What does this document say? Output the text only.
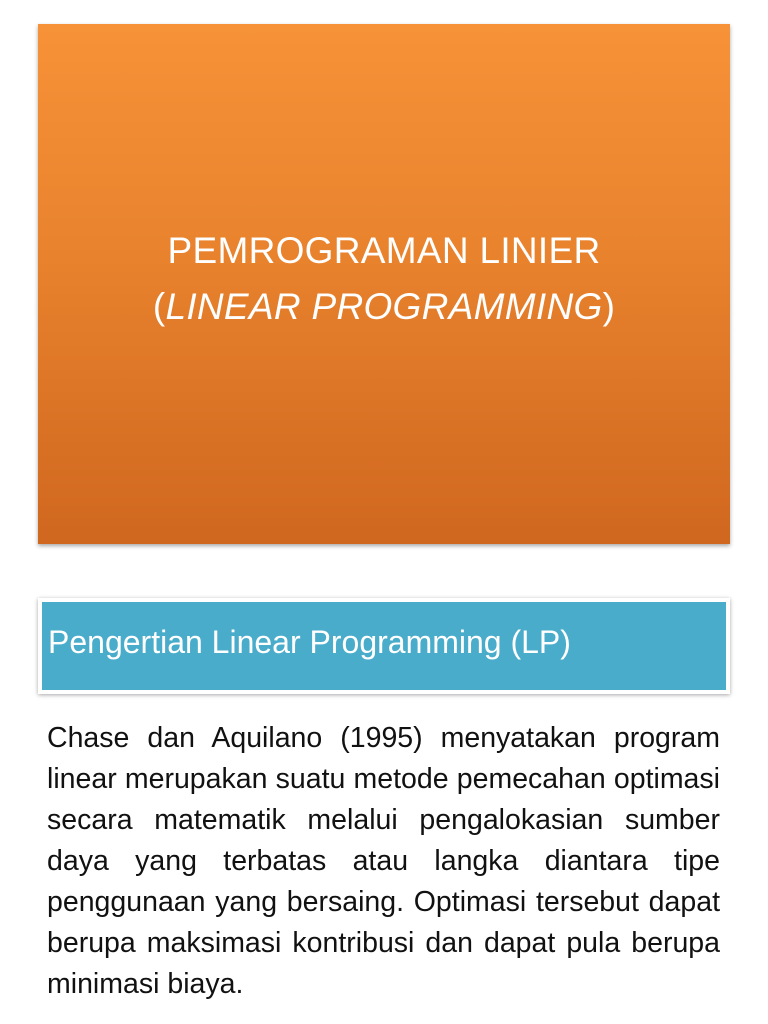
PEMROGRAMAN LINIER
(LINEAR PROGRAMMING)
Pengertian Linear Programming (LP)
Chase dan Aquilano (1995) menyatakan program linear merupakan suatu metode pemecahan optimasi secara matematik melalui pengalokasian sumber daya yang terbatas atau langka diantara tipe penggunaan yang bersaing. Optimasi tersebut dapat berupa maksimasi kontribusi dan dapat pula berupa minimasi biaya.
